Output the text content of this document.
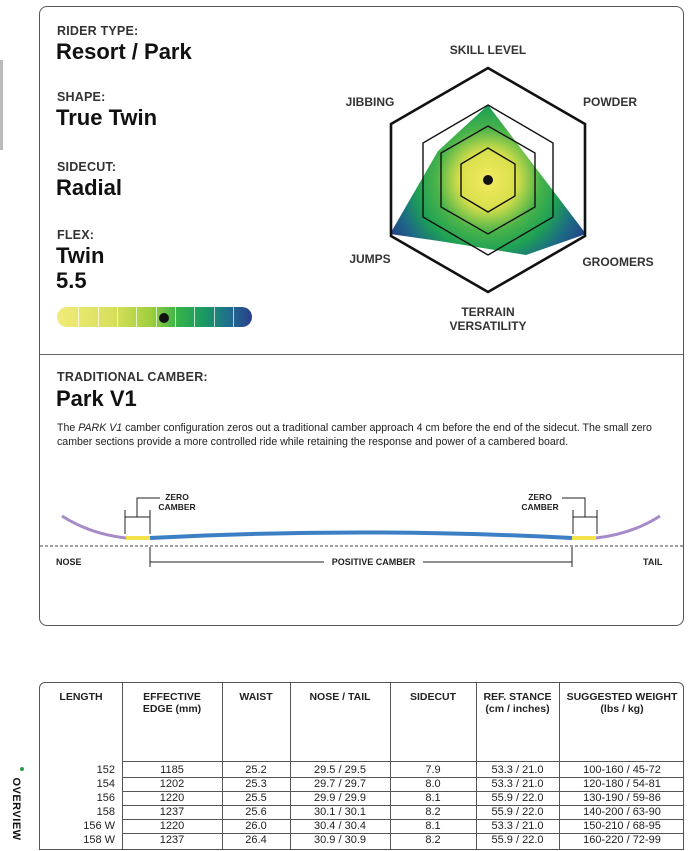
RIDER TYPE:
Resort / Park
SHAPE:
True Twin
SIDECUT:
Radial
FLEX:
Twin
5.5
SKILL LEVEL
POWDER
GROOMERS
TERRAIN
VERSATILITY
JUMPS
JIBBING
TRADITIONAL CAMBER:
Park V1
The PARK V1 camber configuration zeros out a traditional camber approach 4 cm before the end of the sidecut. The small zero camber sections provide a more controlled ride while retaining the response and power of a cambered board.
ZERO
CAMBER
ZERO
CAMBER
NOSE	TAIL
POSITIVE CAMBER
LENGTH	EFFECTIVE
EDGE (mm)
WAIST	NOSE / TAIL	SIDECUT	REF. STANCE
(cm / inches)
SUGGESTED WEIGHT
(lbs / kg)
152	1185	25.2	29.5 / 29.5	7.9	53.3 / 21.0	100-160 / 45-72
154	1202	25.3	29.7 / 29.7	8.0	53.3 / 21.0	120-180 / 54-81
156	1220	25.5	29.9 / 29.9	8.1	55.9 / 22.0	130-190 / 59-86
158	1237	25.6	30.1 / 30.1	8.2	55.9 / 22.0	140-200 / 63-90
156 W	1220	26.0	30.4 / 30.4	8.1	53.3 / 21.0	150-210 / 68-95
158 W	1237	26.4	30.9 / 30.9	8.2	55.9 / 22.0	160-220 / 72-99
OVERVIEW
